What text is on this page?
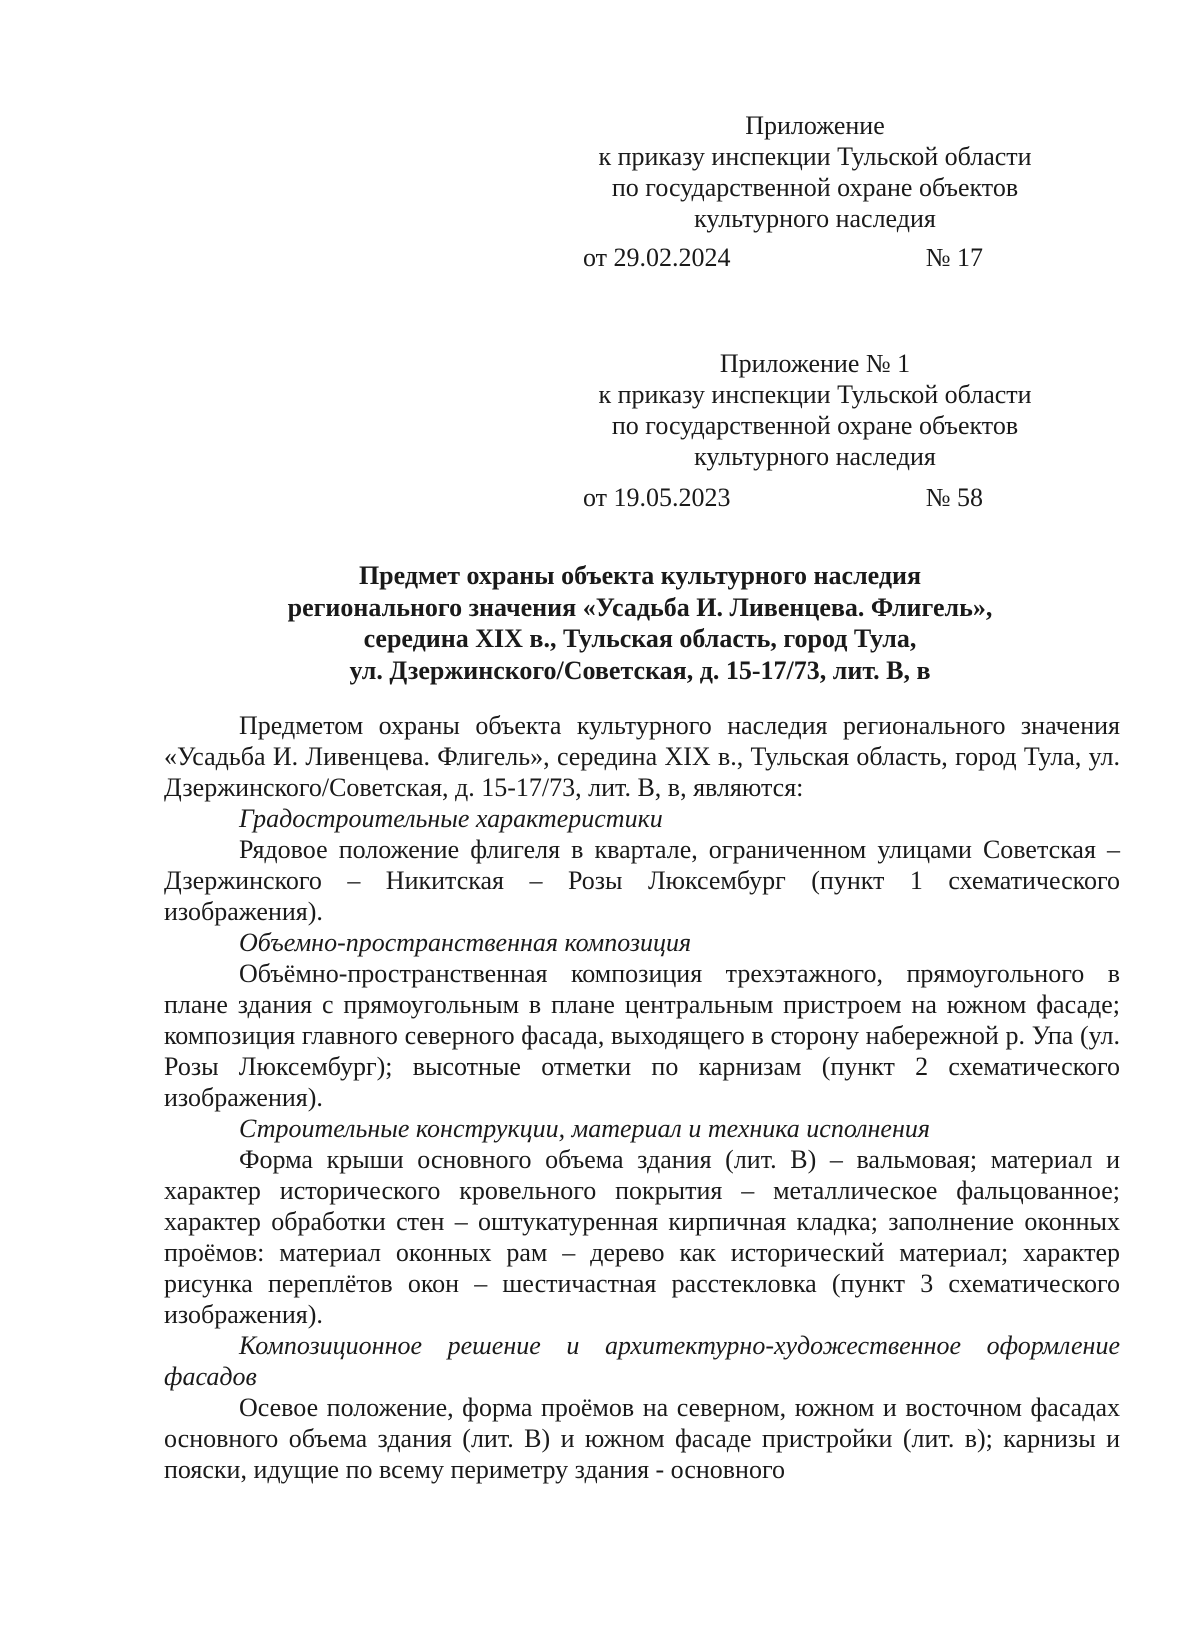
Приложение
к приказу инспекции Тульской области
по государственной охране объектов
культурного наследия
от 29.02.2024	№ 17
Приложение № 1
к приказу инспекции Тульской области
по государственной охране объектов
культурного наследия
от 19.05.2023	№ 58
Предмет охраны объекта культурного наследия
регионального значения «Усадьба И. Ливенцева. Флигель»,
середина XIX в., Тульская область, город Тула,
ул. Дзержинского/Советская, д. 15-17/73, лит. В, в

Предметом охраны объекта культурного наследия регионального значения «Усадьба И. Ливенцева. Флигель», середина XIX в., Тульская область, город Тула, ул. Дзержинского/Советская, д. 15-17/73, лит. В, в, являются:

Градостроительные характеристики

Рядовое положение флигеля в квартале, ограниченном улицами Советская – Дзержинского – Никитская – Розы Люксембург (пункт 1 схематического изображения).

Объемно-пространственная композиция

Объёмно-пространственная композиция трехэтажного, прямоугольного в плане здания с прямоугольным в плане центральным пристроем на южном фасаде; композиция главного северного фасада, выходящего в сторону набережной р. Упа (ул. Розы Люксембург); высотные отметки по карнизам (пункт 2 схематического изображения).

Строительные конструкции, материал и техника исполнения

Форма крыши основного объема здания (лит. В) – вальмовая; материал и характер исторического кровельного покрытия – металлическое фальцованное; характер обработки стен – оштукатуренная кирпичная кладка; заполнение оконных проёмов: материал оконных рам – дерево как исторический материал; характер рисунка переплётов окон – шестичастная расстекловка (пункт 3 схематического изображения).

Композиционное решение и архитектурно-художественное оформление фасадов

Осевое положение, форма проёмов на северном, южном и восточном фасадах основного объема здания (лит. В) и южном фасаде пристройки (лит. в); карнизы и пояски, идущие по всему периметру здания - основного
